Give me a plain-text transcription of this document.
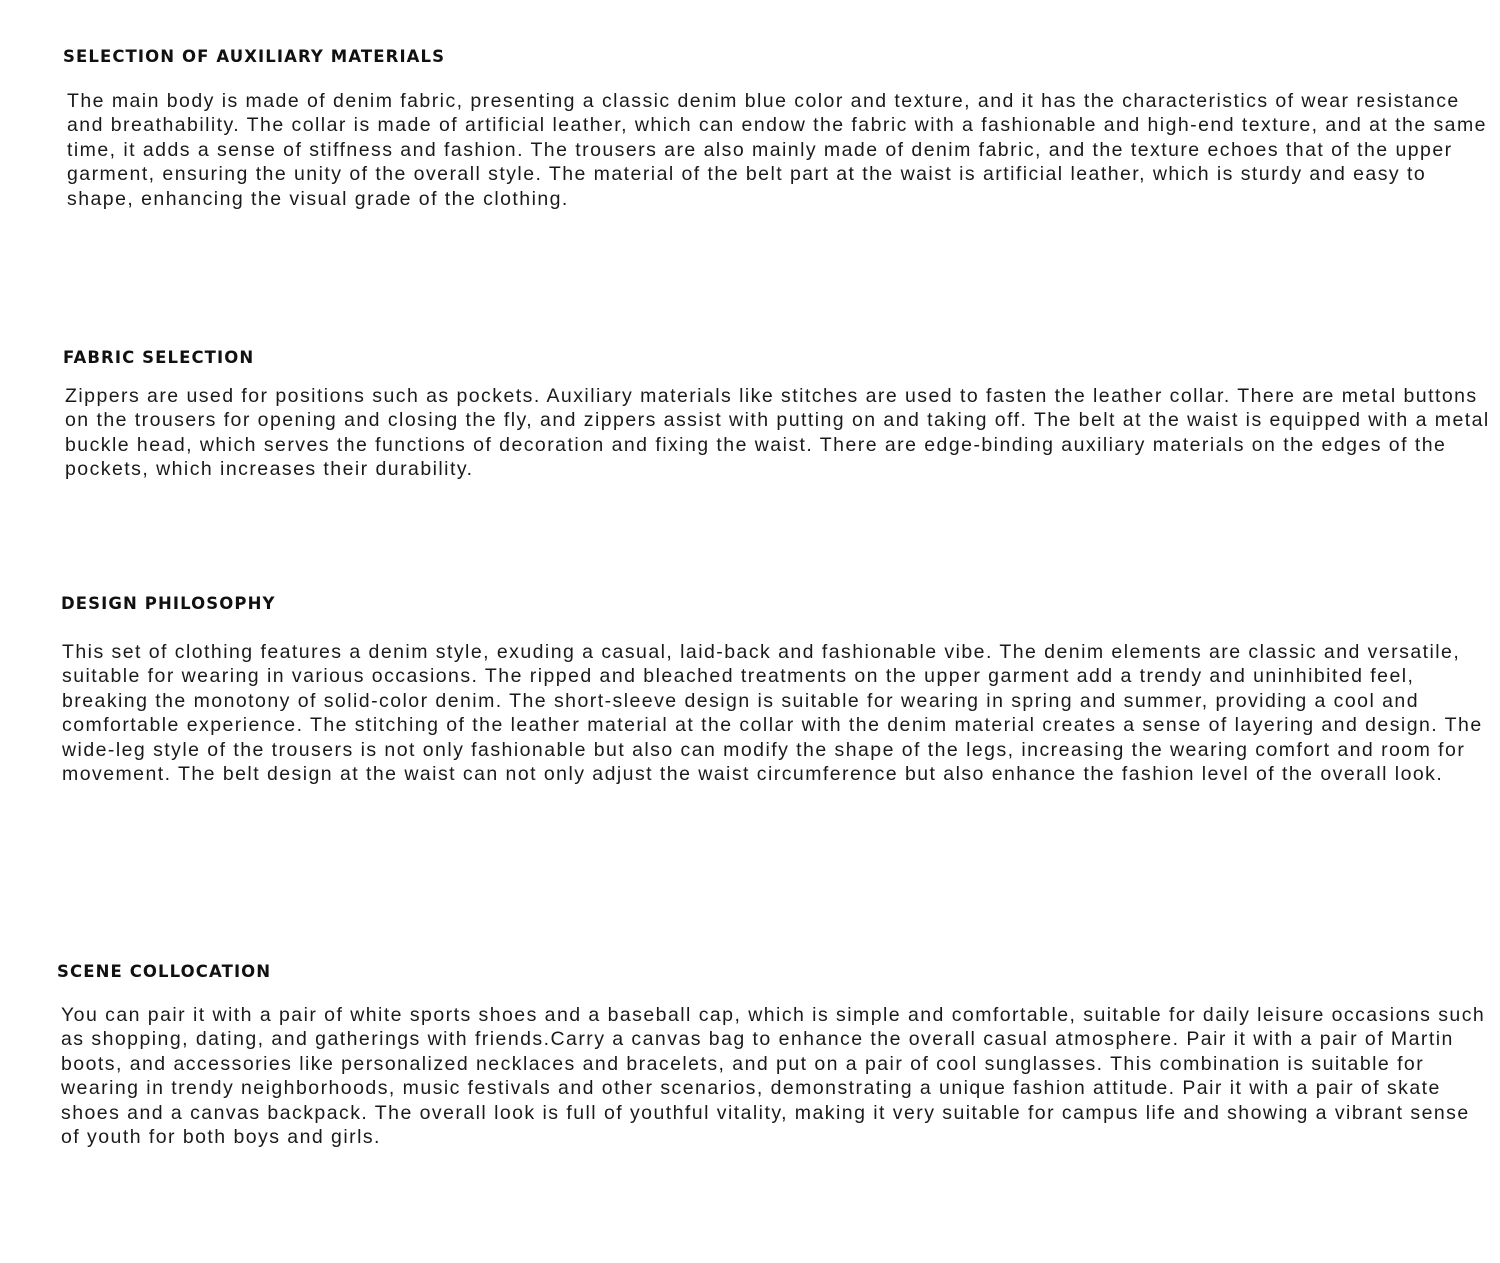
SELECTION OF AUXILIARY MATERIALS

The main body is made of denim fabric, presenting a classic denim blue color and texture, and it has the characteristics of wear resistance and breathability. The collar is made of artificial leather, which can endow the fabric with a fashionable and high-end texture, and at the same time, it adds a sense of stiffness and fashion. The trousers are also mainly made of denim fabric, and the texture echoes that of the upper garment, ensuring the unity of the overall style. The material of the belt part at the waist is artificial leather, which is sturdy and easy to shape, enhancing the visual grade of the clothing.

FABRIC SELECTION

Zippers are used for positions such as pockets. Auxiliary materials like stitches are used to fasten the leather collar. There are metal buttons on the trousers for opening and closing the fly, and zippers assist with putting on and taking off. The belt at the waist is equipped with a metal buckle head, which serves the functions of decoration and fixing the waist. There are edge-binding auxiliary materials on the edges of the pockets, which increases their durability.

DESIGN PHILOSOPHY

This set of clothing features a denim style, exuding a casual, laid-back and fashionable vibe. The denim elements are classic and versatile, suitable for wearing in various occasions. The ripped and bleached treatments on the upper garment add a trendy and uninhibited feel, breaking the monotony of solid-color denim. The short-sleeve design is suitable for wearing in spring and summer, providing a cool and comfortable experience. The stitching of the leather material at the collar with the denim material creates a sense of layering and design. The wide-leg style of the trousers is not only fashionable but also can modify the shape of the legs, increasing the wearing comfort and room for movement. The belt design at the waist can not only adjust the waist circumference but also enhance the fashion level of the overall look.

SCENE COLLOCATION

You can pair it with a pair of white sports shoes and a baseball cap, which is simple and comfortable, suitable for daily leisure occasions such as shopping, dating, and gatherings with friends.Carry a canvas bag to enhance the overall casual atmosphere. Pair it with a pair of Martin boots, and accessories like personalized necklaces and bracelets, and put on a pair of cool sunglasses. This combination is suitable for wearing in trendy neighborhoods, music festivals and other scenarios, demonstrating a unique fashion attitude. Pair it with a pair of skate shoes and a canvas backpack. The overall look is full of youthful vitality, making it very suitable for campus life and showing a vibrant sense of youth for both boys and girls.
